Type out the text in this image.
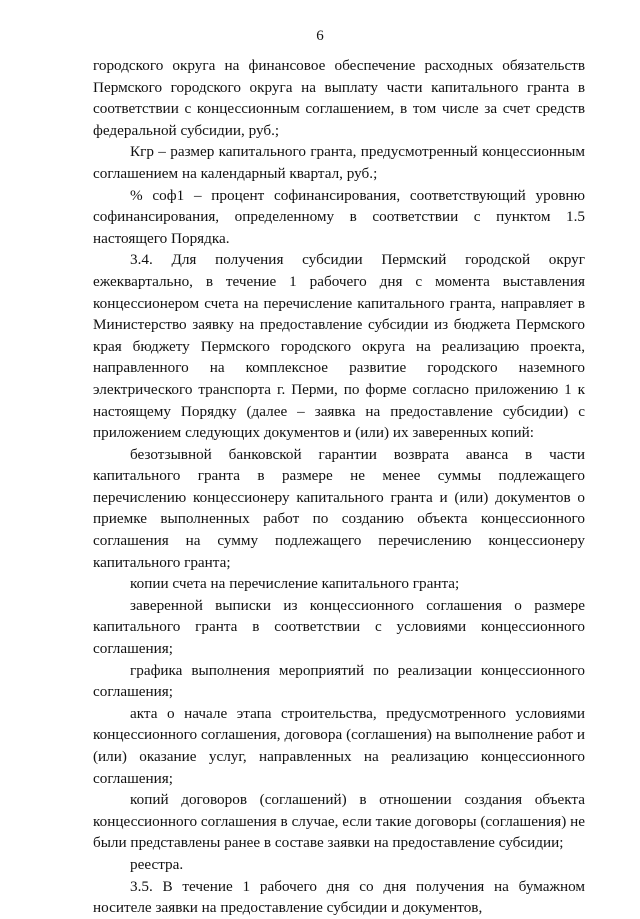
6

городского округа на финансовое обеспечение расходных обязательств Пермского городского округа на выплату части капитального гранта в соответствии с концессионным соглашением, в том числе за счет средств федеральной субсидии, руб.;

Кгр – размер капитального гранта, предусмотренный концессионным соглашением на календарный квартал, руб.;

% соф1 – процент софинансирования, соответствующий уровню софинансирования, определенному в соответствии с пунктом 1.5 настоящего Порядка.

3.4. Для получения субсидии Пермский городской округ ежеквартально, в течение 1 рабочего дня с момента выставления концессионером счета на перечисление капитального гранта, направляет в Министерство заявку на предоставление субсидии из бюджета Пермского края бюджету Пермского городского округа на реализацию проекта, направленного на комплексное развитие городского наземного электрического транспорта г. Перми, по форме согласно приложению 1 к настоящему Порядку (далее – заявка на предоставление субсидии) с приложением следующих документов и (или) их заверенных копий:

безотзывной банковской гарантии возврата аванса в части капитального гранта в размере не менее суммы подлежащего перечислению концессионеру капитального гранта и (или) документов о приемке выполненных работ по созданию объекта концессионного соглашения на сумму подлежащего перечислению концессионеру капитального гранта;

копии счета на перечисление капитального гранта;

заверенной выписки из концессионного соглашения о размере капитального гранта в соответствии с условиями концессионного соглашения;

графика выполнения мероприятий по реализации концессионного соглашения;

акта о начале этапа строительства, предусмотренного условиями концессионного соглашения, договора (соглашения) на выполнение работ и (или) оказание услуг, направленных на реализацию концессионного соглашения;

копий договоров (соглашений) в отношении создания объекта концессионного соглашения в случае, если такие договоры (соглашения) не были представлены ранее в составе заявки на предоставление субсидии;

реестра.

3.5. В течение 1 рабочего дня со дня получения на бумажном носителе заявки на предоставление субсидии и документов,
